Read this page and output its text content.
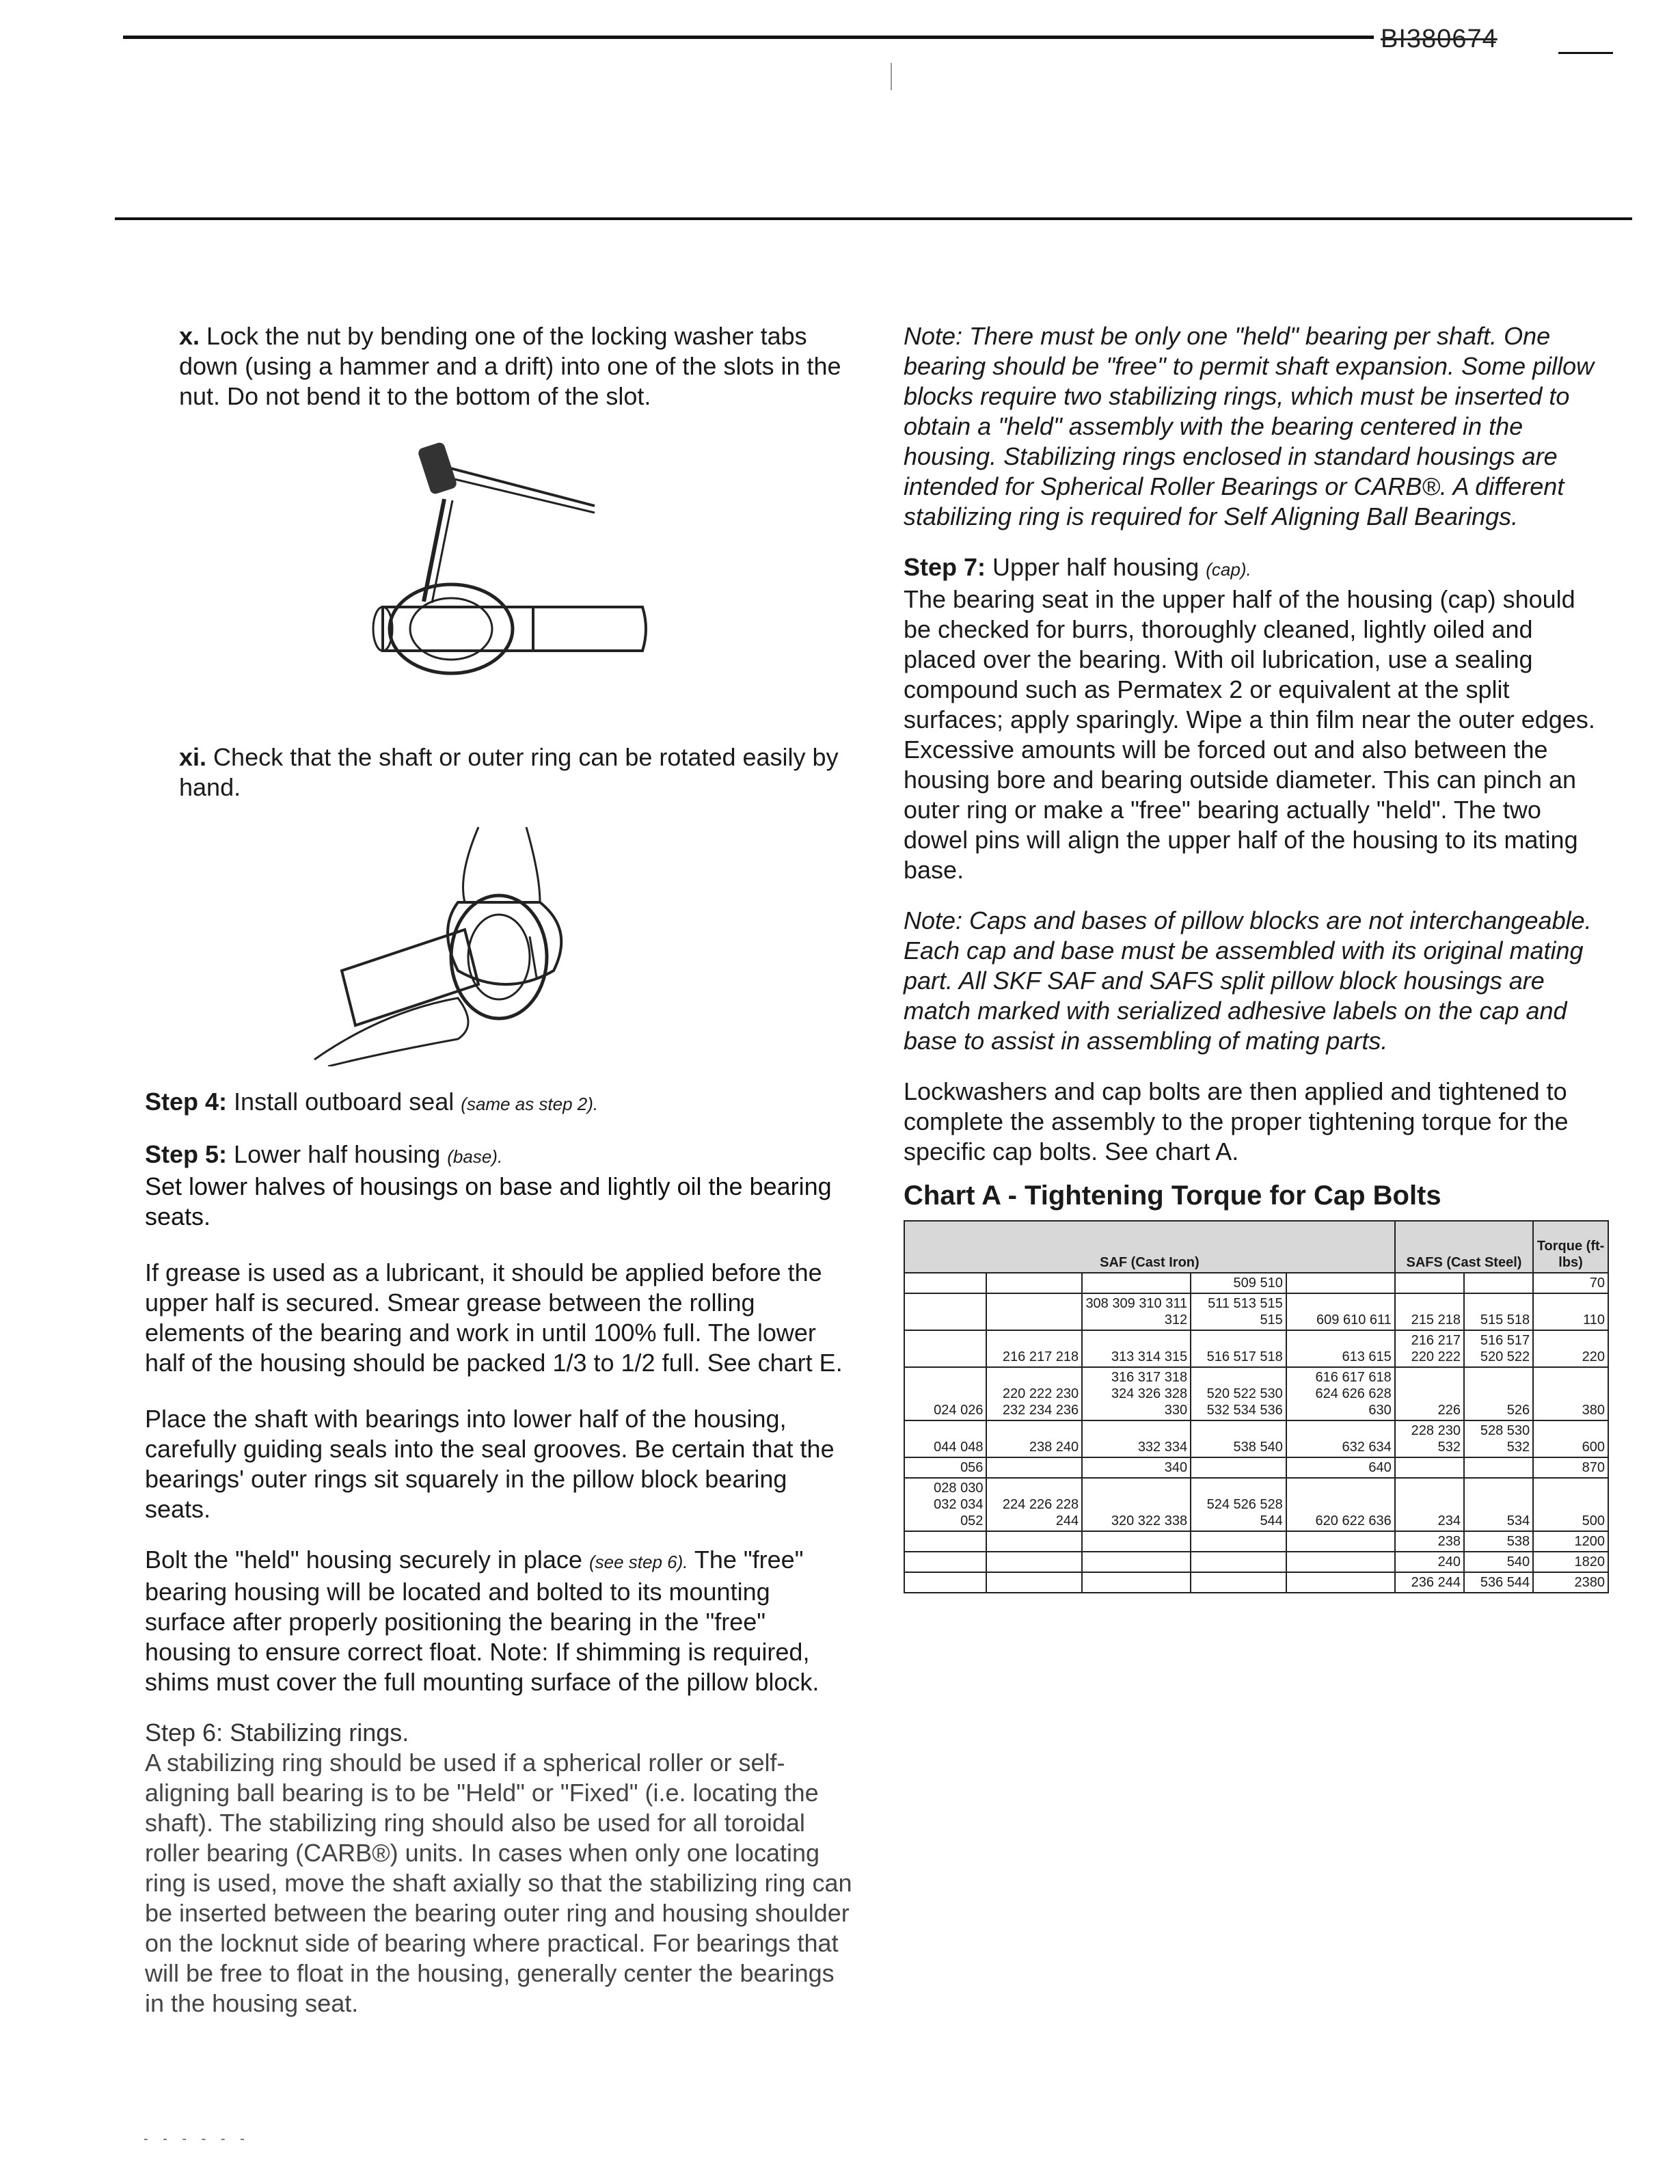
BI380674

x. Lock the nut by bending one of the locking washer tabs down (using a hammer and a drift) into one of the slots in the nut. Do not bend it to the bottom of the slot.

xi. Check that the shaft or outer ring can be rotated easily by hand.

Step 4: Install outboard seal (same as step 2).

Step 5: Lower half housing (base).
Set lower halves of housings on base and lightly oil the bearing seats.

If grease is used as a lubricant, it should be applied before the upper half is secured. Smear grease between the rolling elements of the bearing and work in until 100% full. The lower half of the housing should be packed 1/3 to 1/2 full. See chart E.

Place the shaft with bearings into lower half of the housing, carefully guiding seals into the seal grooves. Be certain that the bearings' outer rings sit squarely in the pillow block bearing seats.

Bolt the "held" housing securely in place (see step 6). The "free" bearing housing will be located and bolted to its mounting surface after properly positioning the bearing in the "free" housing to ensure correct float. Note: If shimming is required, shims must cover the full mounting surface of the pillow block.

Step 6: Stabilizing rings.
A stabilizing ring should be used if a spherical roller or self-aligning ball bearing is to be "Held" or "Fixed" (i.e. locating the shaft). The stabilizing ring should also be used for all toroidal roller bearing (CARB®) units. In cases when only one locating ring is used, move the shaft axially so that the stabilizing ring can be inserted between the bearing outer ring and housing shoulder on the locknut side of bearing where practical. For bearings that will be free to float in the housing, generally center the bearings in the housing seat.

Note: There must be only one "held" bearing per shaft. One bearing should be "free" to permit shaft expansion. Some pillow blocks require two stabilizing rings, which must be inserted to obtain a "held" assembly with the bearing centered in the housing. Stabilizing rings enclosed in standard housings are intended for Spherical Roller Bearings or CARB®. A different stabilizing ring is required for Self Aligning Ball Bearings.

Step 7: Upper half housing (cap).
The bearing seat in the upper half of the housing (cap) should be checked for burrs, thoroughly cleaned, lightly oiled and placed over the bearing. With oil lubrication, use a sealing compound such as Permatex 2 or equivalent at the split surfaces; apply sparingly. Wipe a thin film near the outer edges. Excessive amounts will be forced out and also between the housing bore and bearing outside diameter. This can pinch an outer ring or make a "free" bearing actually "held". The two dowel pins will align the upper half of the housing to its mating base.

Note: Caps and bases of pillow blocks are not interchangeable. Each cap and base must be assembled with its original mating part. All SKF SAF and SAFS split pillow block housings are match marked with serialized adhesive labels on the cap and base to assist in assembling of mating parts.

Lockwashers and cap bolts are then applied and tightened to complete the assembly to the proper tightening torque for the specific cap bolts. See chart A.

Chart A - Tightening Torque for Cap Bolts
SAF (Cast Iron)					SAFS (Cast Steel)		Torque (ft-lbs)
			509 510				70
		308 309 310 311 312	511 513 515 515	609 610 611	215 218	515 518	110
	216 217 218	313 314 315	516 517 518	613 615	216 217 220 222	516 517 520 522	220
024 026	220 222 230 232 234 236	316 317 318 324 326 328 330	520 522 530 532 534 536	616 617 618 624 626 628 630	226	526	380
044 048	238 240	332 334	538 540	632 634	228 230 532	528 530 532	600
056		340		640			870
028 030 032 034 052	224 226 228 244	320 322 338	524 526 528 544	620 622 636	234	534	500
					238	538	1200
					240	540	1820
					236 244	536 544	2380
- - - - - -
